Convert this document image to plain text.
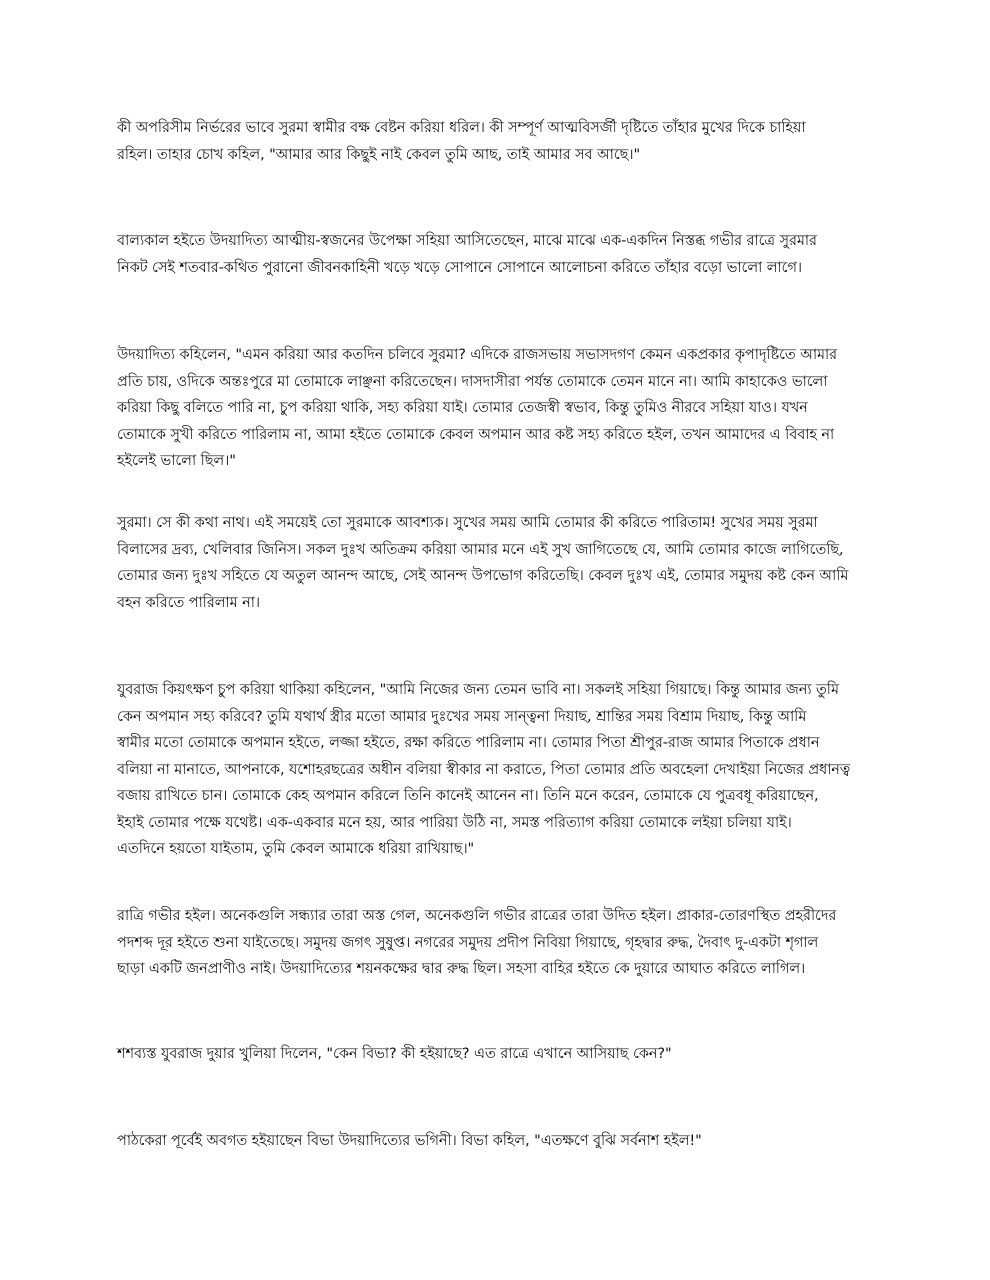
কী অপরিসীম নির্ভরের ভাবে সুরমা স্বামীর বক্ষ বেষ্টন করিয়া ধরিল। কী সম্পূর্ণ আত্মবিসর্জী দৃষ্টিতে তাঁহার মুখের দিকে চাহিয়া
রহিল। তাহার চোখ কহিল, "আমার আর কিছুই নাই কেবল তুমি আছ, তাই আমার সব আছে।"

বাল্যকাল হইতে উদয়াদিত্য আত্মীয়-স্বজনের উপেক্ষা সহিয়া আসিতেছেন, মাঝে মাঝে এক-একদিন নিস্তব্ধ গভীর রাত্রে সুরমার
নিকট সেই শতবার-কথিত পুরানো জীবনকাহিনী খড়ে খড়ে সোপানে সোপানে আলোচনা করিতে তাঁহার বড়ো ভালো লাগে।

উদয়াদিত্য কহিলেন, "এমন করিয়া আর কতদিন চলিবে সুরমা? এদিকে রাজসভায় সভাসদগণ কেমন একপ্রকার কৃপাদৃষ্টিতে আমার
প্রতি চায়, ওদিকে অন্তঃপুরে মা তোমাকে লাঞ্ছনা করিতেছেন। দাসদাসীরা পর্যন্ত তোমাকে তেমন মানে না। আমি কাহাকেও ভালো
করিয়া কিছু বলিতে পারি না, চুপ করিয়া থাকি, সহ্য করিয়া যাই। তোমার তেজস্বী স্বভাব, কিন্তু তুমিও নীরবে সহিয়া যাও। যখন
তোমাকে সুখী করিতে পারিলাম না, আমা হইতে তোমাকে কেবল অপমান আর কষ্ট সহ্য করিতে হইল, তখন আমাদের এ বিবাহ না
হইলেই ভালো ছিল।"

সুরমা। সে কী কথা নাথ। এই সময়েই তো সুরমাকে আবশ্যক। সুখের সময় আমি তোমার কী করিতে পারিতাম! সুখের সময় সুরমা
বিলাসের দ্রব্য, খেলিবার জিনিস। সকল দুঃখ অতিক্রম করিয়া আমার মনে এই সুখ জাগিতেছে যে, আমি তোমার কাজে লাগিতেছি,
তোমার জন্য দুঃখ সহিতে যে অতুল আনন্দ আছে, সেই আনন্দ উপভোগ করিতেছি। কেবল দুঃখ এই, তোমার সমুদয় কষ্ট কেন আমি
বহন করিতে পারিলাম না।

যুবরাজ কিয়ৎক্ষণ চুপ করিয়া থাকিয়া কহিলেন, "আমি নিজের জন্য তেমন ভাবি না। সকলই সহিয়া গিয়াছে। কিন্তু আমার জন্য তুমি
কেন অপমান সহ্য করিবে? তুমি যথার্থ স্ত্রীর মতো আমার দুঃখের সময় সান্ত্বনা দিয়াছ, শ্রান্তির সময় বিশ্রাম দিয়াছ, কিন্তু আমি
স্বামীর মতো তোমাকে অপমান হইতে, লজ্জা হইতে, রক্ষা করিতে পারিলাম না। তোমার পিতা শ্রীপুর-রাজ আমার পিতাকে প্রধান
বলিয়া না মানাতে, আপনাকে, যশোহরছত্রের অধীন বলিয়া স্বীকার না করাতে, পিতা তোমার প্রতি অবহেলা দেখাইয়া নিজের প্রধানত্ব
বজায় রাখিতে চান। তোমাকে কেহ অপমান করিলে তিনি কানেই আনেন না। তিনি মনে করেন, তোমাকে যে পুত্রবধূ করিয়াছেন,
ইহাই তোমার পক্ষে যথেষ্ট। এক-একবার মনে হয়, আর পারিয়া উঠি না, সমস্ত পরিত্যাগ করিয়া তোমাকে লইয়া চলিয়া যাই।
এতদিনে হয়তো যাইতাম, তুমি কেবল আমাকে ধরিয়া রাখিয়াছ।"

রাত্রি গভীর হইল। অনেকগুলি সন্ধ্যার তারা অস্ত গেল, অনেকগুলি গভীর রাত্রের তারা উদিত হইল। প্রাকার-তোরণস্থিত প্রহরীদের
পদশব্দ দূর হইতে শুনা যাইতেছে। সমুদয় জগৎ সুষুপ্ত। নগরের সমুদয় প্রদীপ নিবিয়া গিয়াছে, গৃহদ্বার রুদ্ধ, দৈবাৎ দু-একটা শৃগাল
ছাড়া একটি জনপ্রাণীও নাই। উদয়াদিত্যের শয়নকক্ষের দ্বার রুদ্ধ ছিল। সহসা বাহির হইতে কে দুয়ারে আঘাত করিতে লাগিল।

শশব্যস্ত যুবরাজ দুয়ার খুলিয়া দিলেন, "কেন বিভা? কী হইয়াছে? এত রাত্রে এখানে আসিয়াছ কেন?"

পাঠকেরা পূর্বেই অবগত হইয়াছেন বিভা উদয়াদিত্যের ভগিনী। বিভা কহিল, "এতক্ষণে বুঝি সর্বনাশ হইল!"
